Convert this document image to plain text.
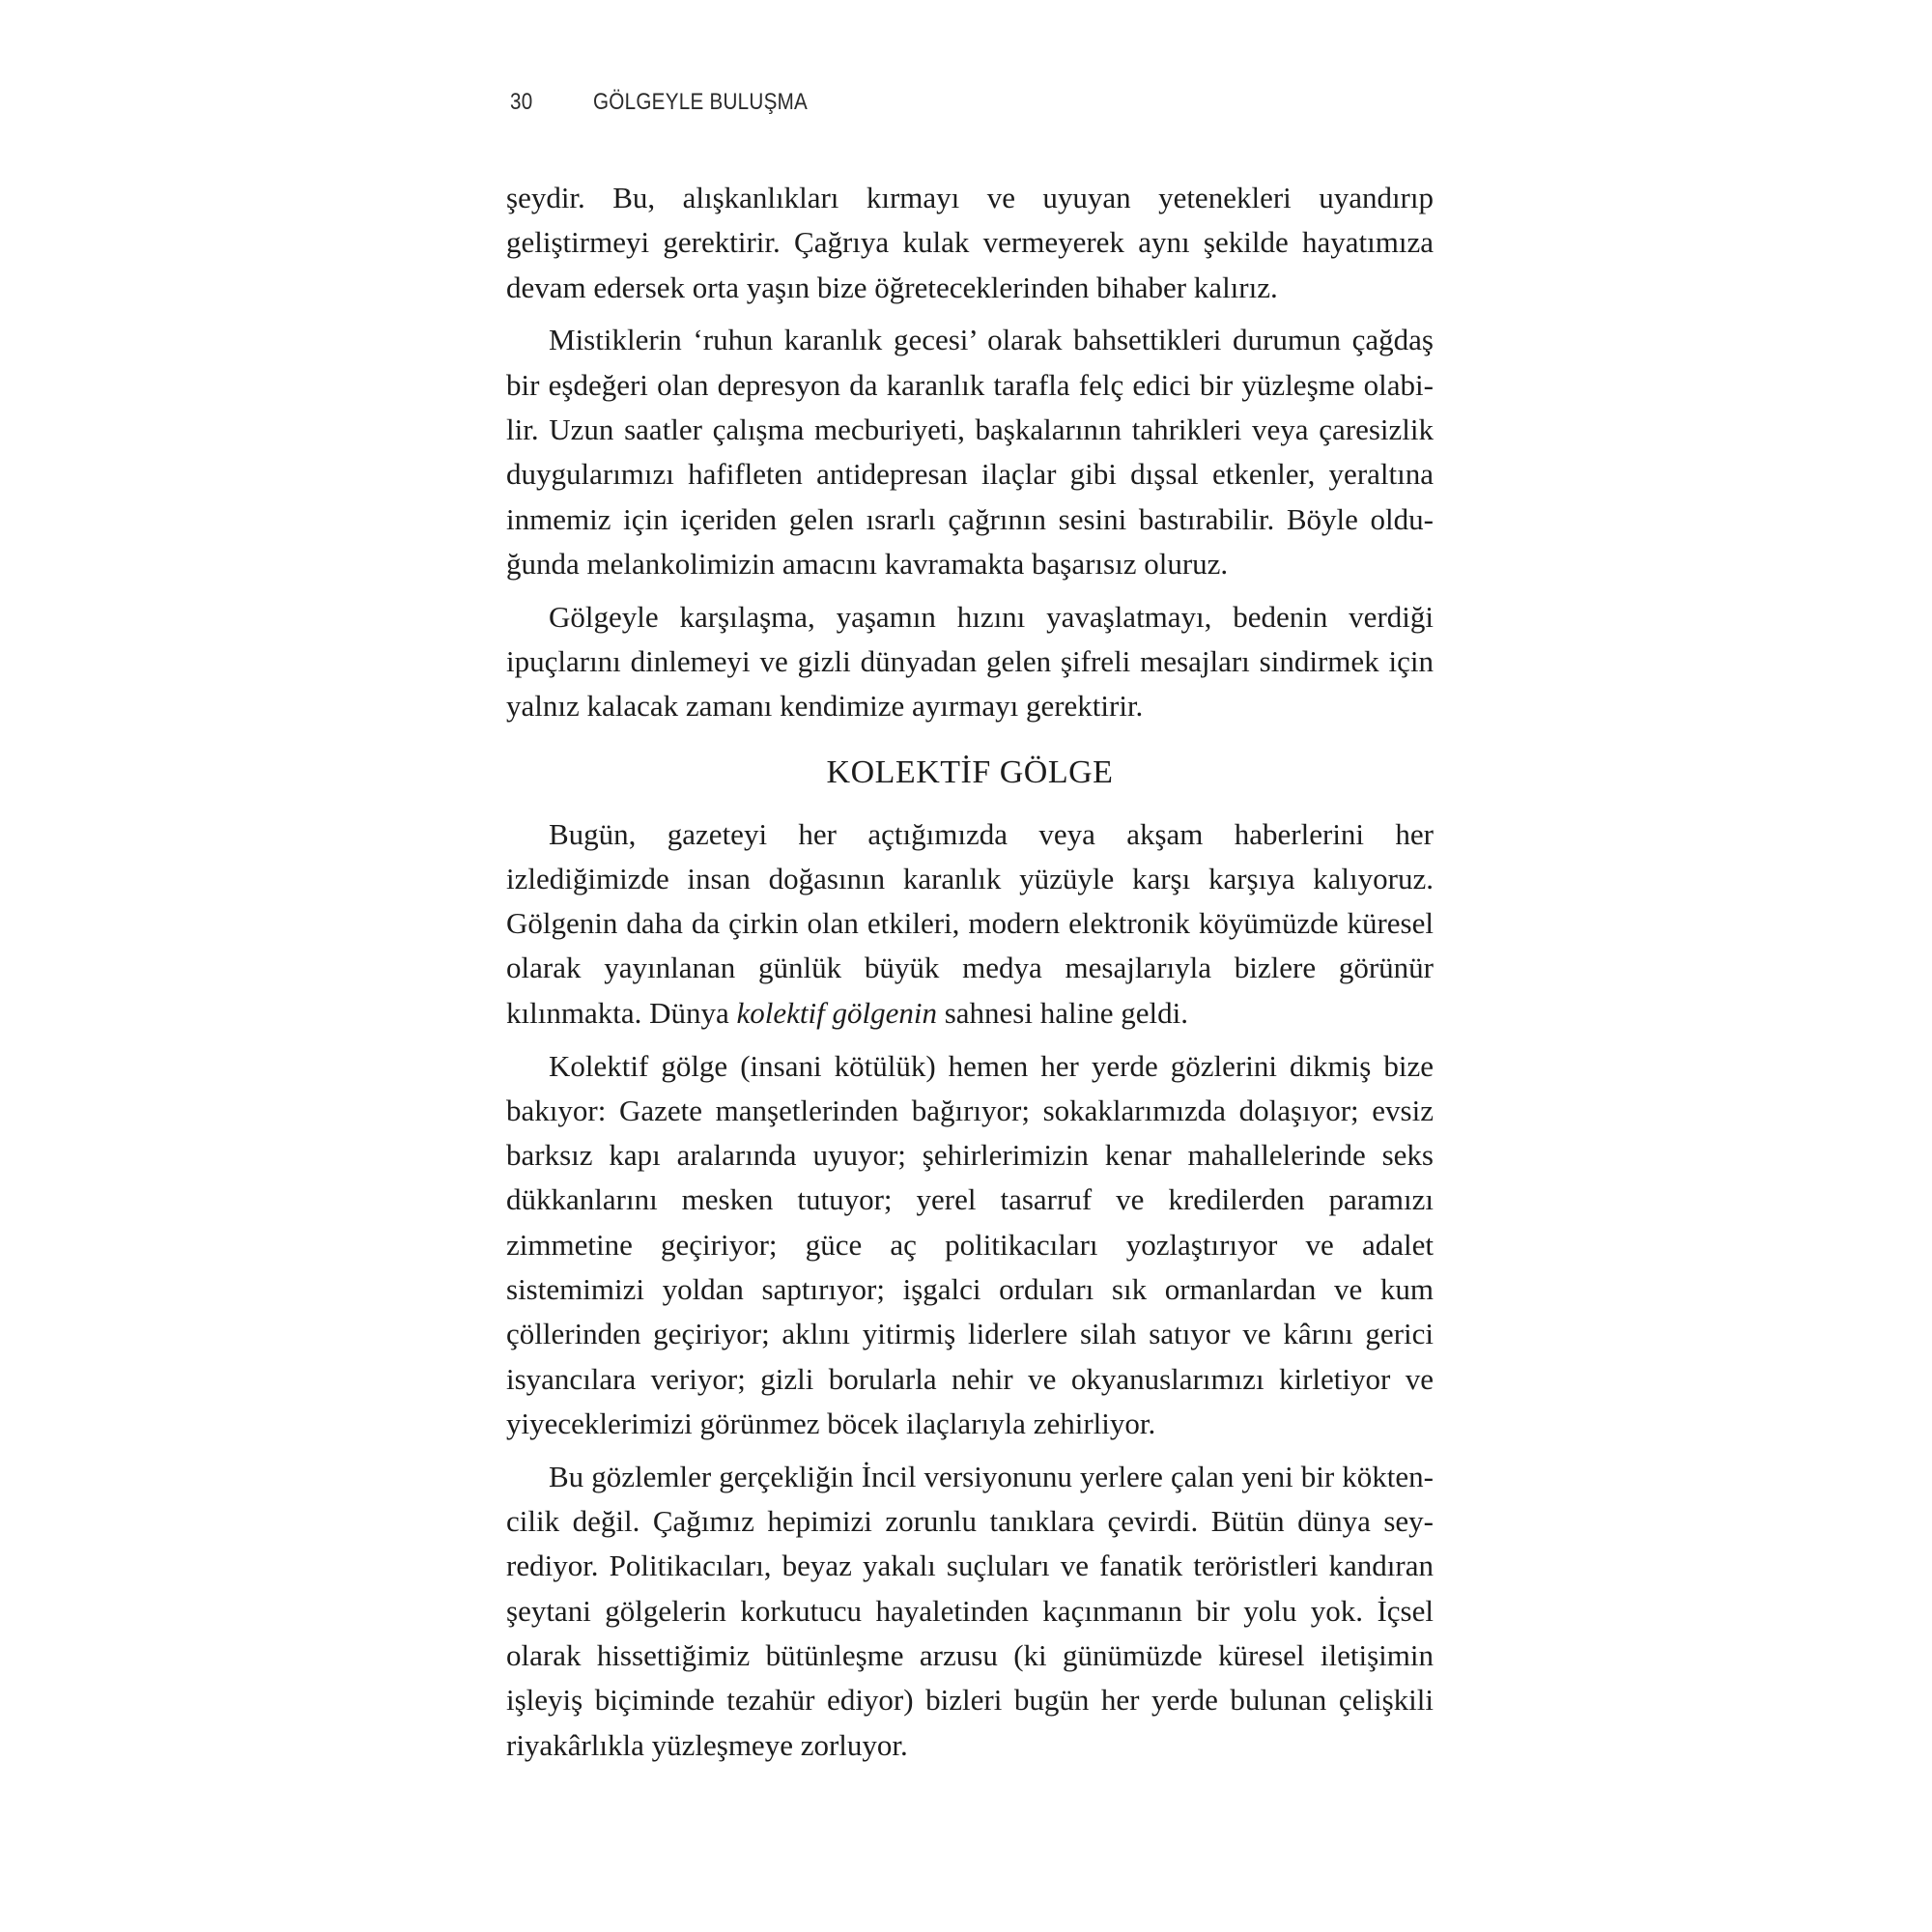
30	GÖLGEYLE BULUŞMA

şeydir. Bu, alışkanlıkları kırmayı ve uyuyan yetenekleri uyandırıp geliştirmeyi gerektirir. Çağrıya kulak vermeyerek aynı şekilde hayatımıza devam edersek orta yaşın bize öğreteceklerinden bihaber kalırız.

Mistiklerin ‘ruhun karanlık gecesi’ olarak bahsettikleri durumun çağdaş bir eşdeğeri olan depresyon da karanlık tarafla felç edici bir yüzleşme olabilir. Uzun saatler çalışma mecburiyeti, başkalarının tahrikleri veya çaresizlik duygularımızı hafifleten antidepresan ilaçlar gibi dışsal etkenler, yeraltına inmemiz için içeriden gelen ısrarlı çağrının sesini bastırabilir. Böyle olduğunda melankolimizin amacını kavramakta başarısız oluruz.

Gölgeyle karşılaşma, yaşamın hızını yavaşlatmayı, bedenin verdiği ipuçlarını dinlemeyi ve gizli dünyadan gelen şifreli mesajları sindirmek için yalnız kalacak zamanı kendimize ayırmayı gerektirir.

KOLEKTİF GÖLGE

Bugün, gazeteyi her açtığımızda veya akşam haberlerini her izlediğimizde insan doğasının karanlık yüzüyle karşı karşıya kalıyoruz. Gölgenin daha da çirkin olan etkileri, modern elektronik köyümüzde küresel olarak yayınlanan günlük büyük medya mesajlarıyla bizlere görünür kılınmakta. Dünya kolektif gölgenin sahnesi haline geldi.

Kolektif gölge (insani kötülük) hemen her yerde gözlerini dikmiş bize bakıyor: Gazete manşetlerinden bağırıyor; sokaklarımızda dolaşıyor; evsiz barksız kapı aralarında uyuyor; şehirlerimizin kenar mahallelerinde seks dükkanlarını mesken tutuyor; yerel tasarruf ve kredilerden paramızı zimmetine geçiriyor; güce aç politikacıları yozlaştırıyor ve adalet sistemimizi yoldan saptırıyor; işgalci orduları sık ormanlardan ve kum çöllerinden geçiriyor; aklını yitirmiş liderlere silah satıyor ve kârını gerici isyancılara veriyor; gizli borularla nehir ve okyanuslarımızı kirletiyor ve yiyeceklerimizi görünmez böcek ilaçlarıyla zehirliyor.

Bu gözlemler gerçekliğin İncil versiyonunu yerlere çalan yeni bir köktencilik değil. Çağımız hepimizi zorunlu tanıklara çevirdi. Bütün dünya seyrediyor. Politikacıları, beyaz yakalı suçluları ve fanatik teröristleri kandıran şeytani gölgelerin korkutucu hayaletinden kaçınmanın bir yolu yok. İçsel olarak hissettiğimiz bütünleşme arzusu (ki günümüzde küresel iletişimin işleyiş biçiminde tezahür ediyor) bizleri bugün her yerde bulunan çelişkili riyakârlıkla yüzleşmeye zorluyor.
